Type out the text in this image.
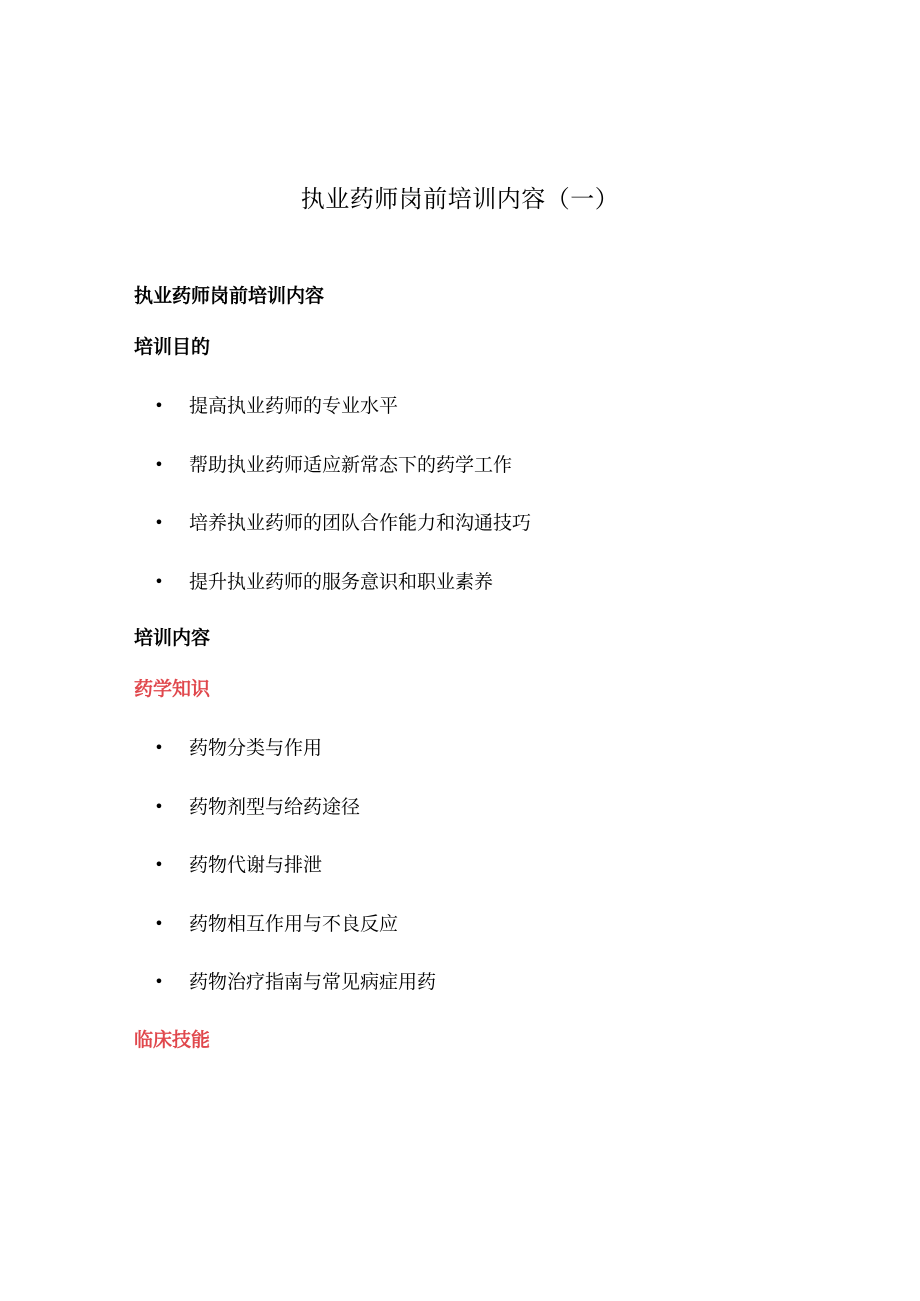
执业药师岗前培训内容（一）
执业药师岗前培训内容
培训目的
• 提高执业药师的专业水平
• 帮助执业药师适应新常态下的药学工作
• 培养执业药师的团队合作能力和沟通技巧
• 提升执业药师的服务意识和职业素养
培训内容
药学知识
• 药物分类与作用
• 药物剂型与给药途径
• 药物代谢与排泄
• 药物相互作用与不良反应
• 药物治疗指南与常见病症用药
临床技能
